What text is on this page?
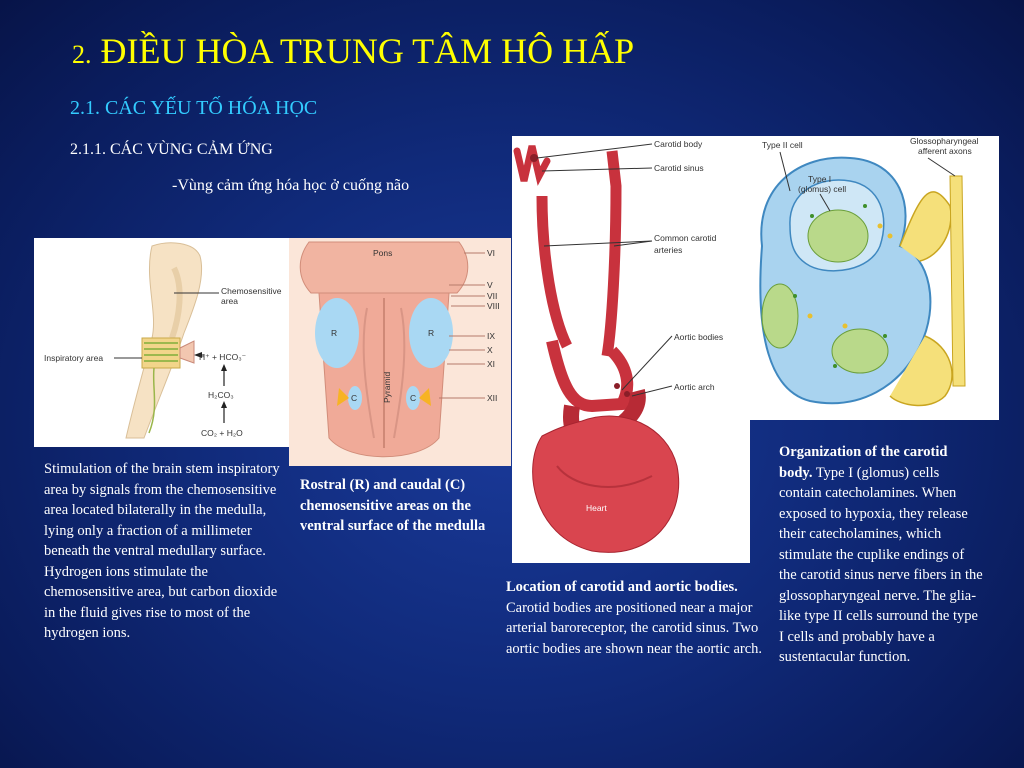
2. ĐIỀU HÒA TRUNG TÂM HÔ HẤP
2.1. CÁC YẾU TỐ HÓA HỌC
2.1.1. CÁC VÙNG CẢM ỨNG
-Vùng cảm ứng hóa học ở cuống não
Chemosensitive
area
Inspiratory area	H⁺ + HCO₃⁻
H₂CO₃
CO₂ + H₂O
Pons
Pyramid
R	R
C	C
VI
V
VII
VIII
IX
X
XI
XII
Carotid body
Carotid sinus
Common carotid
arteries
Aortic bodies
Aortic arch
Heart
Type II cell
Type I
(glomus) cell
Glossopharyngeal
afferent axons
Stimulation of the brain stem inspiratory area by signals from the chemosensitive area located bilaterally in the medulla, lying only a fraction of a millimeter beneath the ventral medullary surface. Hydrogen ions stimulate the chemosensitive area, but carbon dioxide in the fluid gives rise to most of the hydrogen ions.
Rostral (R) and caudal (C) chemosensitive areas on the ventral surface of the medulla
Location of carotid and aortic bodies. Carotid bodies are positioned near a major arterial baroreceptor, the carotid sinus. Two aortic bodies are shown near the aortic arch.
Organization of the carotid body. Type I (glomus) cells contain catecholamines. When exposed to hypoxia, they release their catecholamines, which stimulate the cuplike endings of the carotid sinus nerve fibers in the glossopharyngeal nerve. The glia-like type II cells surround the type I cells and probably have a sustentacular function.
